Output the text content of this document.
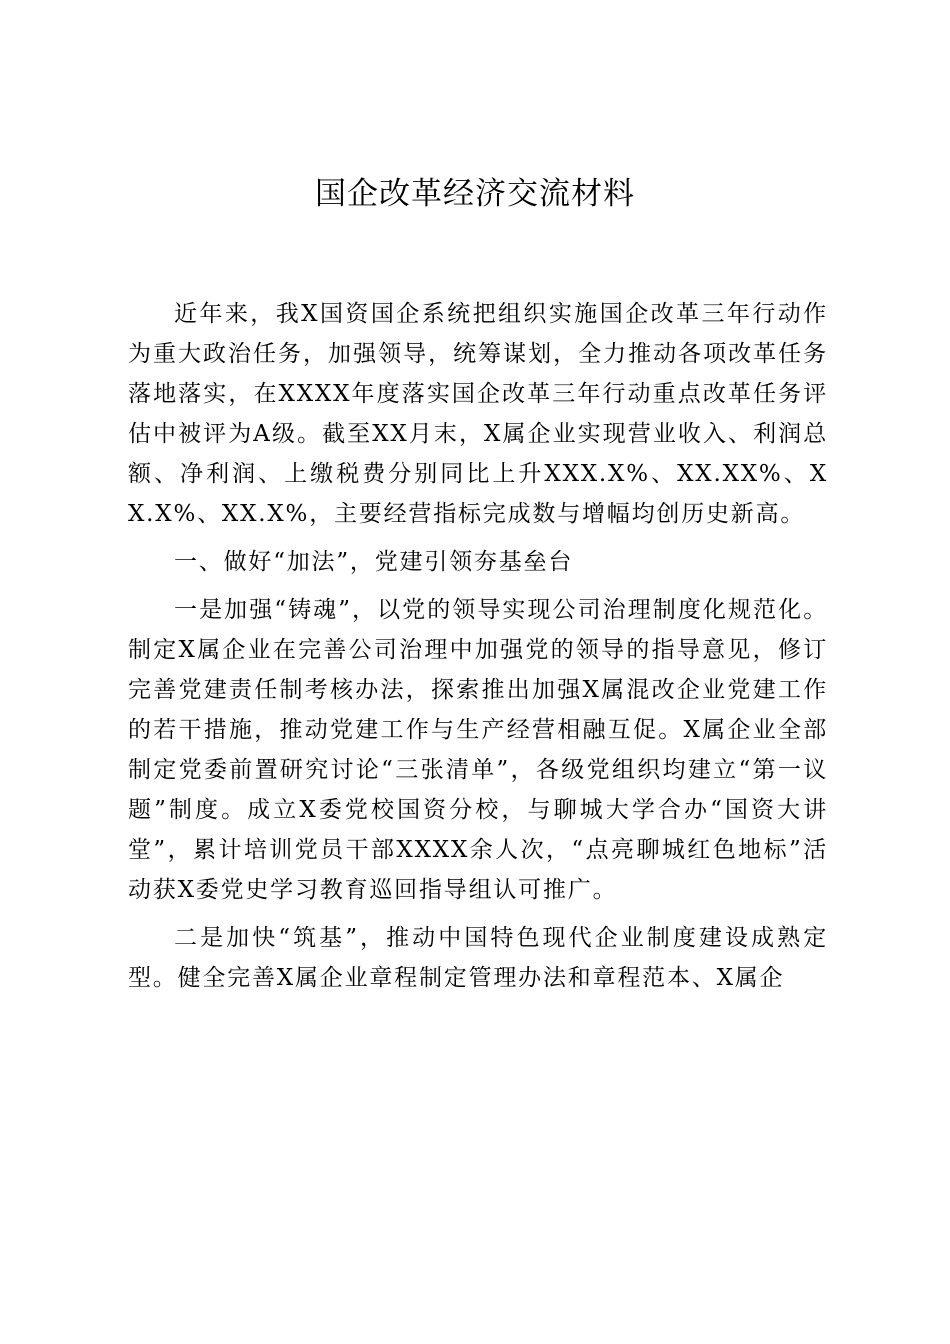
国企改革经济交流材料

近年来，我X国资国企系统把组织实施国企改革三年行动作为重大政治任务，加强领导，统筹谋划，全力推动各项改革任务落地落实，在XXXX年度落实国企改革三年行动重点改革任务评估中被评为A级。截至XX月末，X属企业实现营业收入、利润总额、净利润、上缴税费分别同比上升XXX.X%、XX.XX%、XX.X%、XX.X%，主要经营指标完成数与增幅均创历史新高。

一、做好“加法”，党建引领夯基垒台

一是加强“铸魂”，以党的领导实现公司治理制度化规范化。制定X属企业在完善公司治理中加强党的领导的指导意见，修订完善党建责任制考核办法，探索推出加强X属混改企业党建工作的若干措施，推动党建工作与生产经营相融互促。X属企业全部制定党委前置研究讨论“三张清单”，各级党组织均建立“第一议题”制度。成立X委党校国资分校，与聊城大学合办“国资大讲堂”，累计培训党员干部XXXX余人次，“点亮聊城红色地标”活动获X委党史学习教育巡回指导组认可推广。

二是加快“筑基”，推动中国特色现代企业制度建设成熟定型。健全完善X属企业章程制定管理办法和章程范本、X属企
